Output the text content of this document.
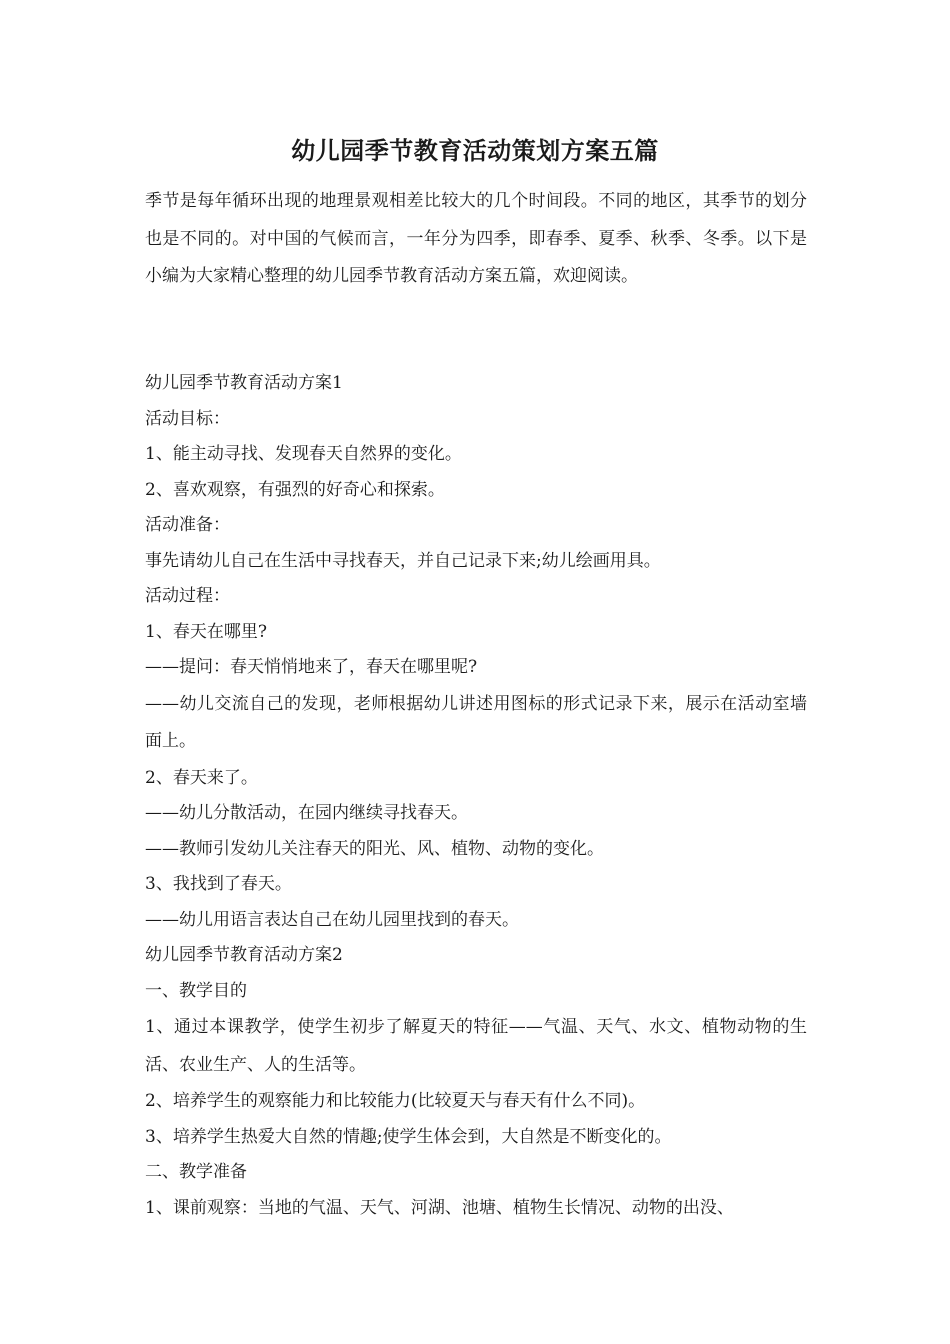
幼儿园季节教育活动策划方案五篇
季节是每年循环出现的地理景观相差比较大的几个时间段。不同的地区，其季节的划分也是不同的。对中国的气候而言，一年分为四季，即春季、夏季、秋季、冬季。以下是小编为大家精心整理的幼儿园季节教育活动方案五篇，欢迎阅读。

幼儿园季节教育活动方案1

活动目标：

1、能主动寻找、发现春天自然界的变化。

2、喜欢观察，有强烈的好奇心和探索。

活动准备：

事先请幼儿自己在生活中寻找春天，并自己记录下来;幼儿绘画用具。

活动过程：

1、春天在哪里?

——提问：春天悄悄地来了，春天在哪里呢?

——幼儿交流自己的发现，老师根据幼儿讲述用图标的形式记录下来，展示在活动室墙面上。

2、春天来了。

——幼儿分散活动，在园内继续寻找春天。

——教师引发幼儿关注春天的阳光、风、植物、动物的变化。

3、我找到了春天。

——幼儿用语言表达自己在幼儿园里找到的春天。

幼儿园季节教育活动方案2

一、教学目的

1、通过本课教学，使学生初步了解夏天的特征——气温、天气、水文、植物动物的生活、农业生产、人的生活等。

2、培养学生的观察能力和比较能力(比较夏天与春天有什么不同)。

3、培养学生热爱大自然的情趣;使学生体会到，大自然是不断变化的。

二、教学准备

1、课前观察：当地的气温、天气、河湖、池塘、植物生长情况、动物的出没、
